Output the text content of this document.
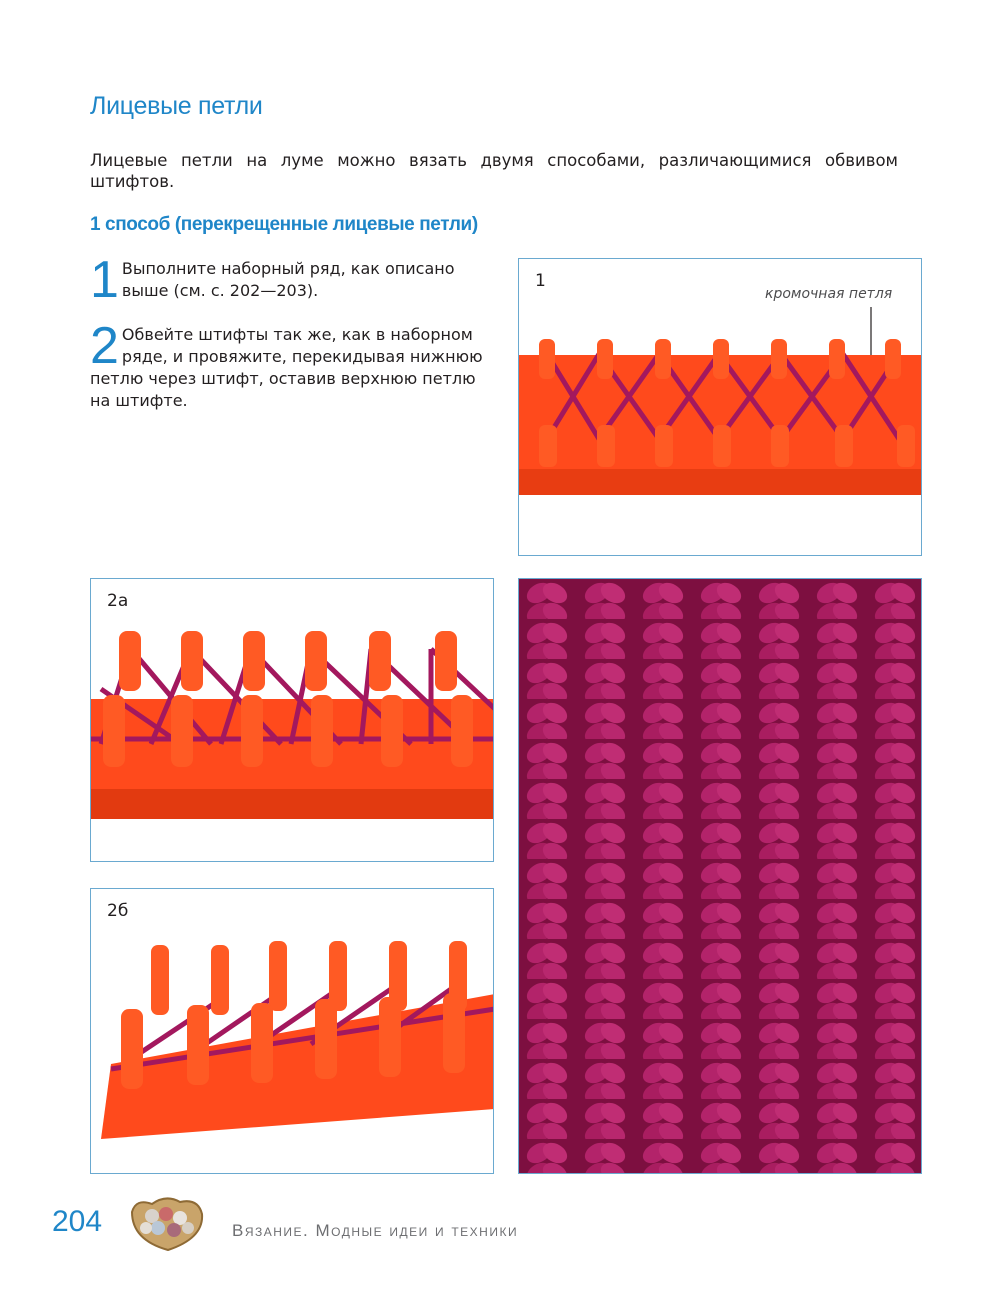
Лицевые петли
Лицевые петли на луме можно вязать двумя способами, различающимися обвивом штифтов.
1 способ (перекрещенные лицевые петли)
1 Выполните наборный ряд, как описано выше (см. с. 202—203).
2 Обвейте штифты так же, как в наборном ряде, и провяжите, перекидывая нижнюю петлю через штифт, оставив верхнюю петлю на штифте.
1
кромочная петля
2а
2б
204	Вязание. Модные идеи и техники
